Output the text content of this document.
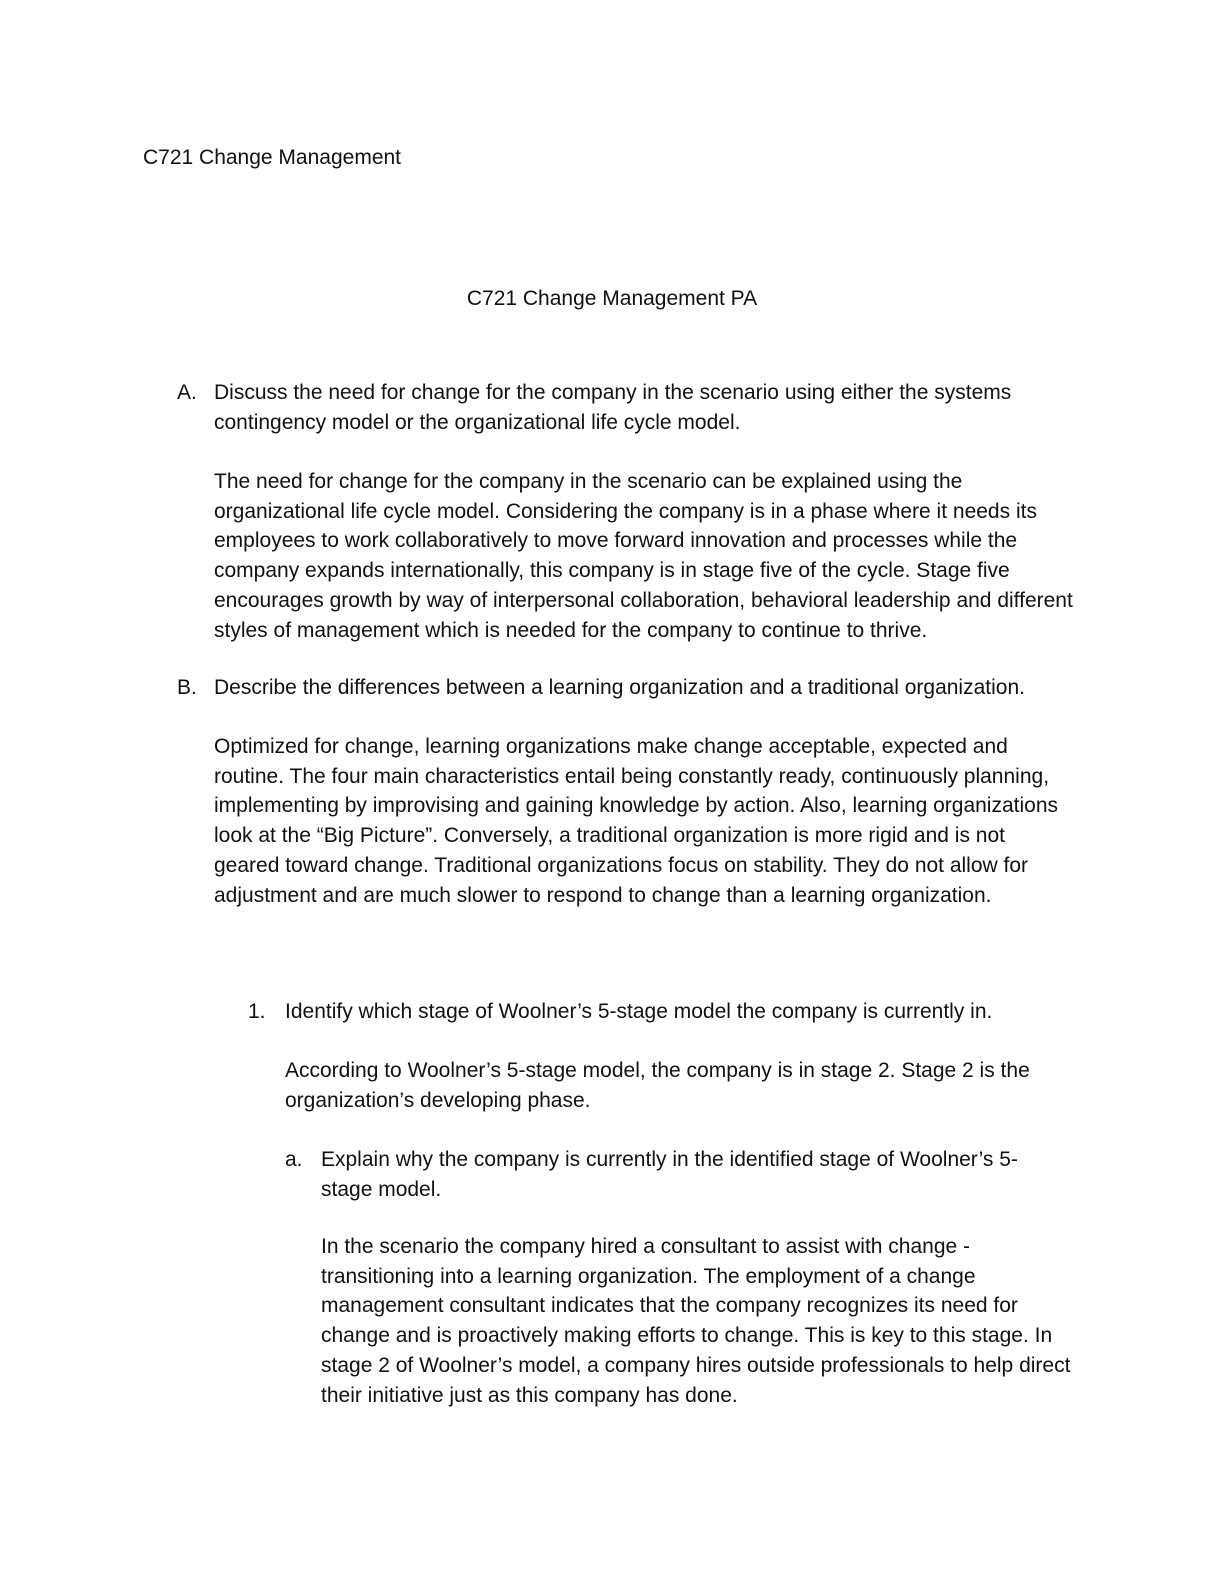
C721 Change Management

C721 Change Management PA
A. Discuss the need for change for the company in the scenario using either the systems contingency model or the organizational life cycle model.

The need for change for the company in the scenario can be explained using the organizational life cycle model. Considering the company is in a phase where it needs its employees to work collaboratively to move forward innovation and processes while the company expands internationally, this company is in stage five of the cycle. Stage five encourages growth by way of interpersonal collaboration, behavioral leadership and different styles of management which is needed for the company to continue to thrive.

B. Describe the differences between a learning organization and a traditional organization.

Optimized for change, learning organizations make change acceptable, expected and routine. The four main characteristics entail being constantly ready, continuously planning, implementing by improvising and gaining knowledge by action. Also, learning organizations look at the “Big Picture”. Conversely, a traditional organization is more rigid and is not geared toward change. Traditional organizations focus on stability. They do not allow for adjustment and are much slower to respond to change than a learning organization.

1. Identify which stage of Woolner’s 5-stage model the company is currently in.

According to Woolner’s 5-stage model, the company is in stage 2. Stage 2 is the organization’s developing phase.

a. Explain why the company is currently in the identified stage of Woolner’s 5-stage model.

In the scenario the company hired a consultant to assist with change - transitioning into a learning organization. The employment of a change management consultant indicates that the company recognizes its need for change and is proactively making efforts to change. This is key to this stage. In stage 2 of Woolner’s model, a company hires outside professionals to help direct their initiative just as this company has done.
